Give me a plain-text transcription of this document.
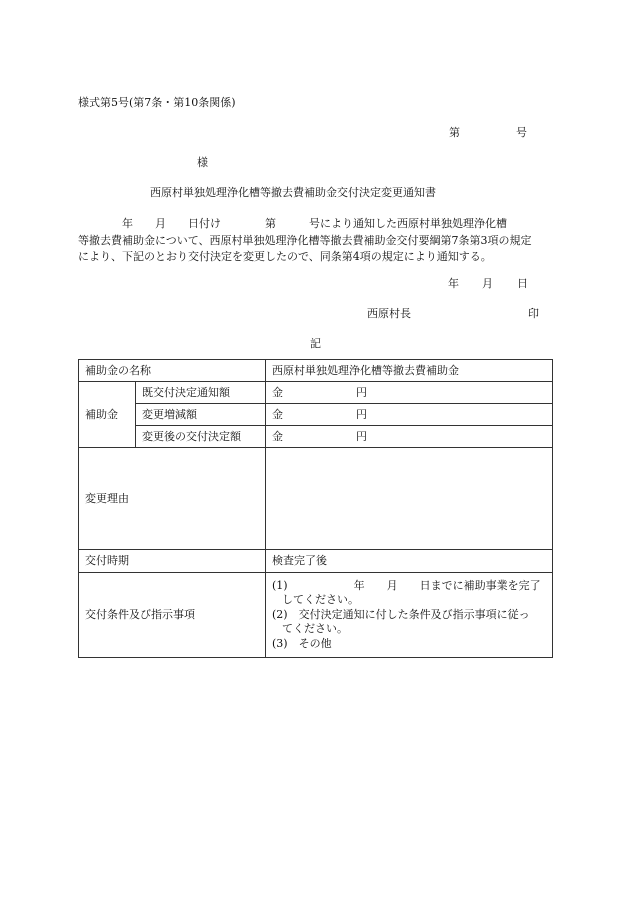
様式第5号(第7条・第10条関係)
第	号
様
西原村単独処理浄化槽等撤去費補助金交付決定変更通知書
　　　　年　　月　　日付け　　　　第　　　号により通知した西原村単独処理浄化槽
等撤去費補助金について、西原村単独処理浄化槽等撤去費補助金交付要綱第7条第3項の規定
により、下記のとおり交付決定を変更したので、同条第4項の規定により通知する。
年 月 日
西原村長	印
記
補助金の名称		西原村単独処理浄化槽等撤去費補助金
補助金	既交付決定通知額	金 円
	変更増減額	金 円
	変更後の交付決定額	金 円
変更理由		
交付時期		検査完了後
交付条件及び指示事項		(1)　　　　　　年　　月　　日までに補助事業を完了
してください。
(2)　交付決定通知に付した条件及び指示事項に従っ
てください。
(3)　その他
